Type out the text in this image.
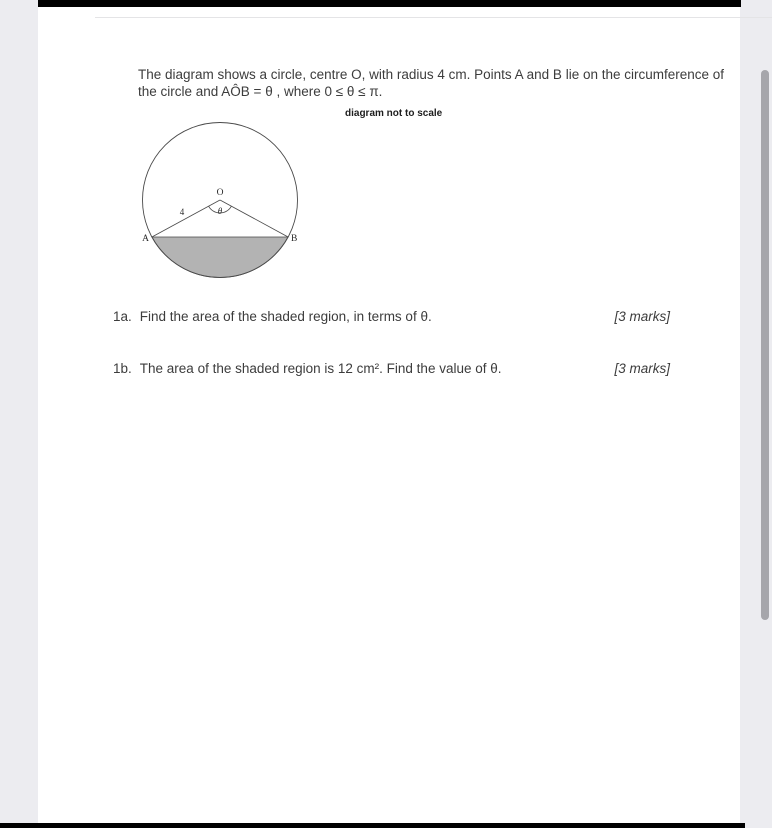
The diagram shows a circle, centre O, with radius 4 cm. Points A and B lie on the circumference of the circle and AÔB = θ , where 0 ≤ θ ≤ π.
diagram not to scale
O
θ
4
A	B
1a. Find the area of the shaded region, in terms of θ.	[3 marks]
1b. The area of the shaded region is 12 cm². Find the value of θ.	[3 marks]
